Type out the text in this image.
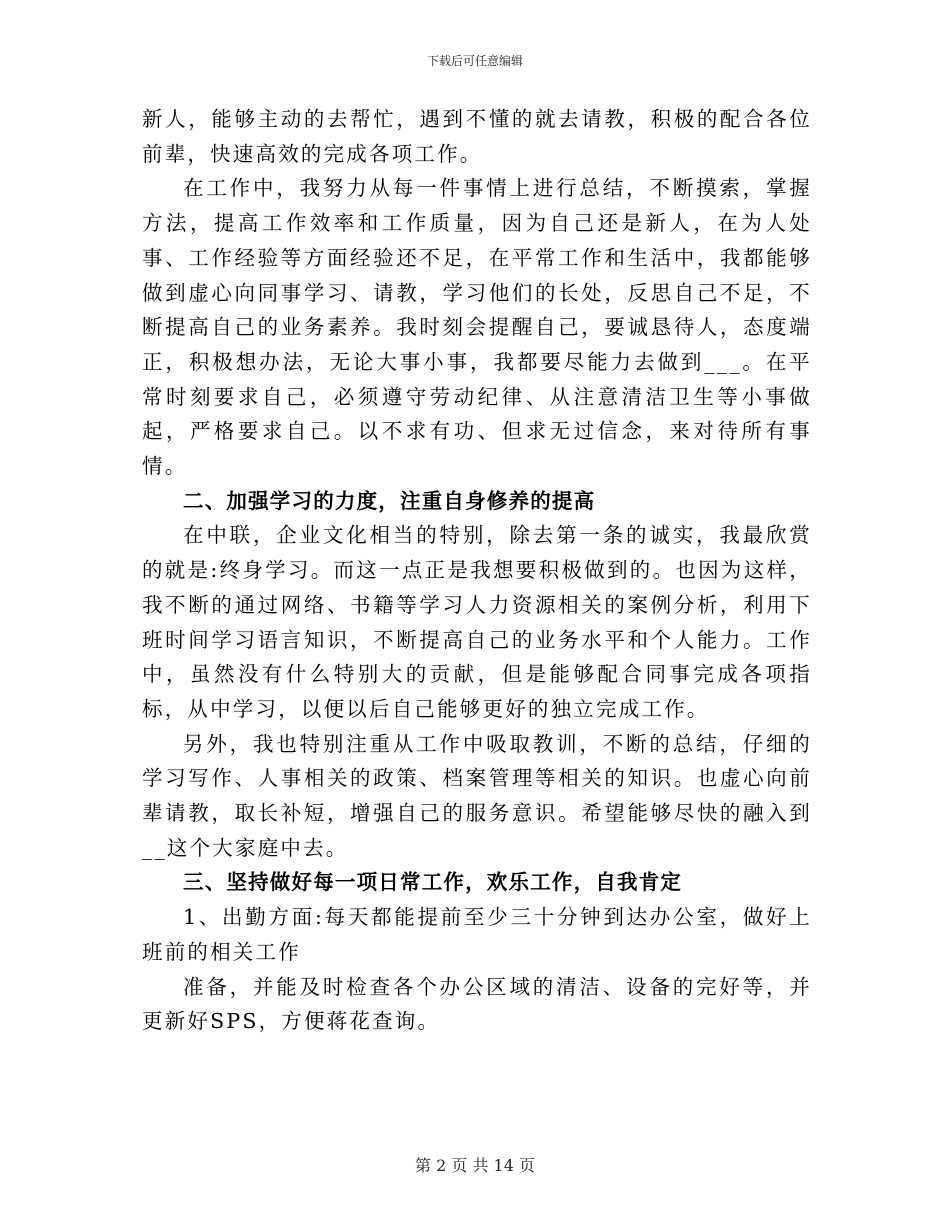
下载后可任意编辑

新人，能够主动的去帮忙，遇到不懂的就去请教，积极的配合各位前辈，快速高效的完成各项工作。

在工作中，我努力从每一件事情上进行总结，不断摸索，掌握方法，提高工作效率和工作质量，因为自己还是新人，在为人处事、工作经验等方面经验还不足，在平常工作和生活中，我都能够做到虚心向同事学习、请教，学习他们的长处，反思自己不足，不断提高自己的业务素养。我时刻会提醒自己，要诚恳待人，态度端正，积极想办法，无论大事小事，我都要尽能力去做到___。在平常时刻要求自己，必须遵守劳动纪律、从注意清洁卫生等小事做起，严格要求自己。以不求有功、但求无过信念，来对待所有事情。

二、加强学习的力度，注重自身修养的提高

在中联，企业文化相当的特别，除去第一条的诚实，我最欣赏的就是:终身学习。而这一点正是我想要积极做到的。也因为这样，我不断的通过网络、书籍等学习人力资源相关的案例分析，利用下班时间学习语言知识，不断提高自己的业务水平和个人能力。工作中，虽然没有什么特别大的贡献，但是能够配合同事完成各项指标，从中学习，以便以后自己能够更好的独立完成工作。

另外，我也特别注重从工作中吸取教训，不断的总结，仔细的学习写作、人事相关的政策、档案管理等相关的知识。也虚心向前辈请教，取长补短，增强自己的服务意识。希望能够尽快的融入到__这个大家庭中去。

三、坚持做好每一项日常工作，欢乐工作，自我肯定

1、出勤方面:每天都能提前至少三十分钟到达办公室，做好上班前的相关工作

准备，并能及时检查各个办公区域的清洁、设备的完好等，并更新好SPS，方便蒋花查询。

第 2 页 共 14 页
